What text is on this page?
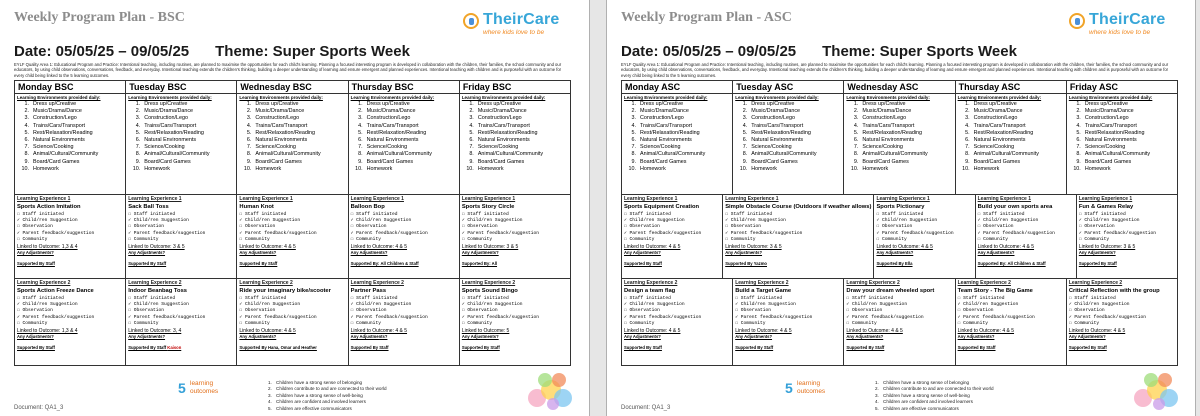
Weekly Program Plan - BSC	TheirCare
where kids love to be
Date: 05/05/25 – 09/05/25 Theme: Super Sports Week
EYLF Quality Area 1: Educational Program and Practice: Intentional teaching, including routines, are planned to maximise the opportunities for each child's learning. Planning a focused interesting program is developed in collaboration with the children, their families, the school community and our educators, by using child observations, conversations, feedback, and everyday. Intentional teaching extends the children's thinking, building a deeper understanding of learning and ensure emergent and planned experiences. Intentional teaching with children and is purposeful with an outcome for every child being linked to the 5 learning outcomes.
Monday BSC	Tuesday BSC	Wednesday BSC	Thursday BSC	Friday BSC
Learning Environments provided daily:
1. Dress up/Creative
2. Music/Drama/Dance
3. Construction/Lego
4. Trains/Cars/Transport
5. Rest/Relaxation/Reading
6. Natural Environments
7. Science/Cooking
8. Animal/Cultural/Community
9. Board/Card Games
10. Homework
Learning Environments provided daily:
1. Dress up/Creative
2. Music/Drama/Dance
3. Construction/Lego
4. Trains/Cars/Transport
5. Rest/Relaxation/Reading
6. Natural Environments
7. Science/Cooking
8. Animal/Cultural/Community
9. Board/Card Games
10. Homework
Learning Environments provided daily:
1. Dress up/Creative
2. Music/Drama/Dance
3. Construction/Lego
4. Trains/Cars/Transport
5. Rest/Relaxation/Reading
6. Natural Environments
7. Science/Cooking
8. Animal/Cultural/Community
9. Board/Card Games
10. Homework
Learning Environments provided daily:
1. Dress up/Creative
2. Music/Drama/Dance
3. Construction/Lego
4. Trains/Cars/Transport
5. Rest/Relaxation/Reading
6. Natural Environments
7. Science/Cooking
8. Animal/Cultural/Community
9. Board/Card Games
10. Homework
Learning Environments provided daily:
1. Dress up/Creative
2. Music/Drama/Dance
3. Construction/Lego
4. Trains/Cars/Transport
5. Rest/Relaxation/Reading
6. Natural Environments
7. Science/Cooking
8. Animal/Cultural/Community
9. Board/Card Games
10. Homework
Learning Experience 1
Sports Action Imitation
☐ Staff initiated
✓ Child/ren Suggestion
☐ Observation
✓ Parent feedback/suggestion
☐ Community
Linked to Outcome: 1,3 & 4
Any Adjustments?
Supported By Staff
Learning Experience 1
Sack Ball Toss
☐ Staff initiated
✓ Child/ren Suggestion
☐ Observation
✓ Parent feedback/suggestion
☐ Community
Linked to Outcome: 3 & 5
Any Adjustments?
Supported By Staff
Learning Experience 1
Human Knot
☐ Staff initiated
✓ Child/ren Suggestion
☐ Observation
✓ Parent feedback/suggestion
☐ Community
Linked to Outcome: 4 & 5
Any Adjustments?
Supported By Staff
Learning Experience 1
Balloon Bop
☐ Staff initiated
✓ Child/ren Suggestion
☐ Observation
✓ Parent feedback/suggestion
☐ Community
Linked to Outcome: 4 & 5
Any Adjustments?
Supported By: All Children & Staff
Learning Experience 1
Sports Story Circle
☐ Staff initiated
✓ Child/ren Suggestion
☐ Observation
✓ Parent feedback/suggestion
☐ Community
Linked to Outcome: 3 & 5
Any Adjustments?
Supported By: All
Learning Experience 2
Sports Action Freeze Dance
☐ Staff initiated
✓ Child/ren Suggestion
☐ Observation
✓ Parent feedback/suggestion
☐ Community
Linked to Outcome: 1,3 & 4
Any Adjustments?
Supported By Staff
Learning Experience 2
Indoor Beanbag Toss
☐ Staff initiated
✓ Child/ren Suggestion
☐ Observation
✓ Parent feedback/suggestion
☐ Community
Linked to Outcome: 3, 4
Any Adjustments?
Supported By Staff Kaison
Learning Experience 2
Ride your imaginary bike/scooter
☐ Staff initiated
✓ Child/ren Suggestion
☐ Observation
✓ Parent feedback/suggestion
☐ Community
Linked to Outcome: 4 & 5
Any Adjustments?
Supported By Hana, Omar and Heather
Learning Experience 2
Partner Pass
☐ Staff initiated
✓ Child/ren Suggestion
☐ Observation
✓ Parent feedback/suggestion
☐ Community
Linked to Outcome: 4 & 5
Any Adjustments?
Supported By Staff
Learning Experience 2
Sports Sound Bingo
☐ Staff initiated
✓ Child/ren Suggestion
☐ Observation
✓ Parent feedback/suggestion
☐ Community
Linked to Outcome: 5
Any Adjustments?
Supported By Staff
Document: QA1_3
5 learning
outcomes
1. Children have a strong sense of belonging
2. Children contribute to and are connected to their world
3. Children have a strong sense of well-being
4. Children are confident and involved learners
5. Children are effective communicators
Weekly Program Plan - ASC	TheirCare
where kids love to be
Date: 05/05/25 – 09/05/25 Theme: Super Sports Week
EYLF Quality Area 1: Educational Program and Practice: Intentional teaching, including routines, are planned to maximise the opportunities for each child's learning. Planning a focused interesting program is developed in collaboration with the children, their families, the school community and our educators, by using child observations, conversations, feedback, and everyday. Intentional teaching extends the children's thinking, building a deeper understanding of learning and ensure emergent and planned experiences. Intentional teaching with children and is purposeful with an outcome for every child being linked to the 5 learning outcomes.
Monday ASC	Tuesday ASC	Wednesday ASC	Thursday ASC	Friday ASC
Learning Environments provided daily:
1. Dress up/Creative
2. Music/Drama/Dance
3. Construction/Lego
4. Trains/Cars/Transport
5. Rest/Relaxation/Reading
6. Natural Environments
7. Science/Cooking
8. Animal/Cultural/Community
9. Board/Card Games
10. Homework
Learning Environments provided daily:
1. Dress up/Creative
2. Music/Drama/Dance
3. Construction/Lego
4. Trains/Cars/Transport
5. Rest/Relaxation/Reading
6. Natural Environments
7. Science/Cooking
8. Animal/Cultural/Community
9. Board/Card Games
10. Homework
Learning Environments provided daily:
1. Dress up/Creative
2. Music/Drama/Dance
3. Construction/Lego
4. Trains/Cars/Transport
5. Rest/Relaxation/Reading
6. Natural Environments
7. Science/Cooking
8. Animal/Cultural/Community
9. Board/Card Games
10. Homework
Learning Environments provided daily:
1. Dress up/Creative
2. Music/Drama/Dance
3. Construction/Lego
4. Trains/Cars/Transport
5. Rest/Relaxation/Reading
6. Natural Environments
7. Science/Cooking
8. Animal/Cultural/Community
9. Board/Card Games
10. Homework
Learning Environments provided daily:
1. Dress up/Creative
2. Music/Drama/Dance
3. Construction/Lego
4. Trains/Cars/Transport
5. Rest/Relaxation/Reading
6. Natural Environments
7. Science/Cooking
8. Animal/Cultural/Community
9. Board/Card Games
10. Homework
Learning Experience 1
Sports Equipment Creation
☐ Staff initiated
✓ Child/ren Suggestion
☐ Observation
✓ Parent feedback/suggestion
☐ Community
Linked to Outcome: 4 & 5
Any Adjustments?
Supported By Staff
Learning Experience 1
Simple Obstacle Course (Outdoors if weather allows)
☐ Staff initiated
✓ Child/ren Suggestion
☐ Observation
✓ Parent feedback/suggestion
☐ Community
Linked to Outcome: 3 & 5
Any Adjustments?
Supported By Yazmo
Learning Experience 1
Sports Pictionary
☐ Staff initiated
✓ Child/ren Suggestion
☐ Observation
✓ Parent feedback/suggestion
☐ Community
Linked to Outcome: 4 & 5
Any Adjustments?
Supported By Ella
Learning Experience 1
Build your own sports area
☐ Staff initiated
✓ Child/ren Suggestion
☐ Observation
✓ Parent feedback/suggestion
☐ Community
Linked to Outcome: 4 & 5
Any Adjustments?
Supported By: All Children & Staff
Learning Experience 1
Fun & Games Relay
☐ Staff initiated
✓ Child/ren Suggestion
☐ Observation
✓ Parent feedback/suggestion
☐ Community
Linked to Outcome: 3 & 5
Any Adjustments?
Supported By Staff
Learning Experience 2
Design a team flag
☐ Staff initiated
✓ Child/ren Suggestion
☐ Observation
✓ Parent feedback/suggestion
☐ Community
Linked to Outcome: 4 & 5
Any Adjustments?
Supported By Staff
Learning Experience 2
Build a Target Game
☐ Staff initiated
✓ Child/ren Suggestion
☐ Observation
✓ Parent feedback/suggestion
☐ Community
Linked to Outcome: 4 & 5
Any Adjustments?
Supported By Staff
Learning Experience 2
Draw your dream wheeled sport
☐ Staff initiated
✓ Child/ren Suggestion
☐ Observation
✓ Parent feedback/suggestion
☐ Community
Linked to Outcome: 4 & 5
Any Adjustments?
Supported By Staff
Learning Experience 2
Team Story - The Big Game
☐ Staff initiated
✓ Child/ren Suggestion
☐ Observation
✓ Parent feedback/suggestion
☐ Community
Linked to Outcome: 4 & 5
Any Adjustments?
Supported By Staff
Learning Experience 2
Critical Reflection with the group
☐ Staff initiated
✓ Child/ren Suggestion
☐ Observation
✓ Parent feedback/suggestion
☐ Community
Linked to Outcome: 4 & 5
Any Adjustments?
Supported By Staff
Document: QA1_3
5 learning
outcomes
1. Children have a strong sense of belonging
2. Children contribute to and are connected to their world
3. Children have a strong sense of well-being
4. Children are confident and involved learners
5. Children are effective communicators
